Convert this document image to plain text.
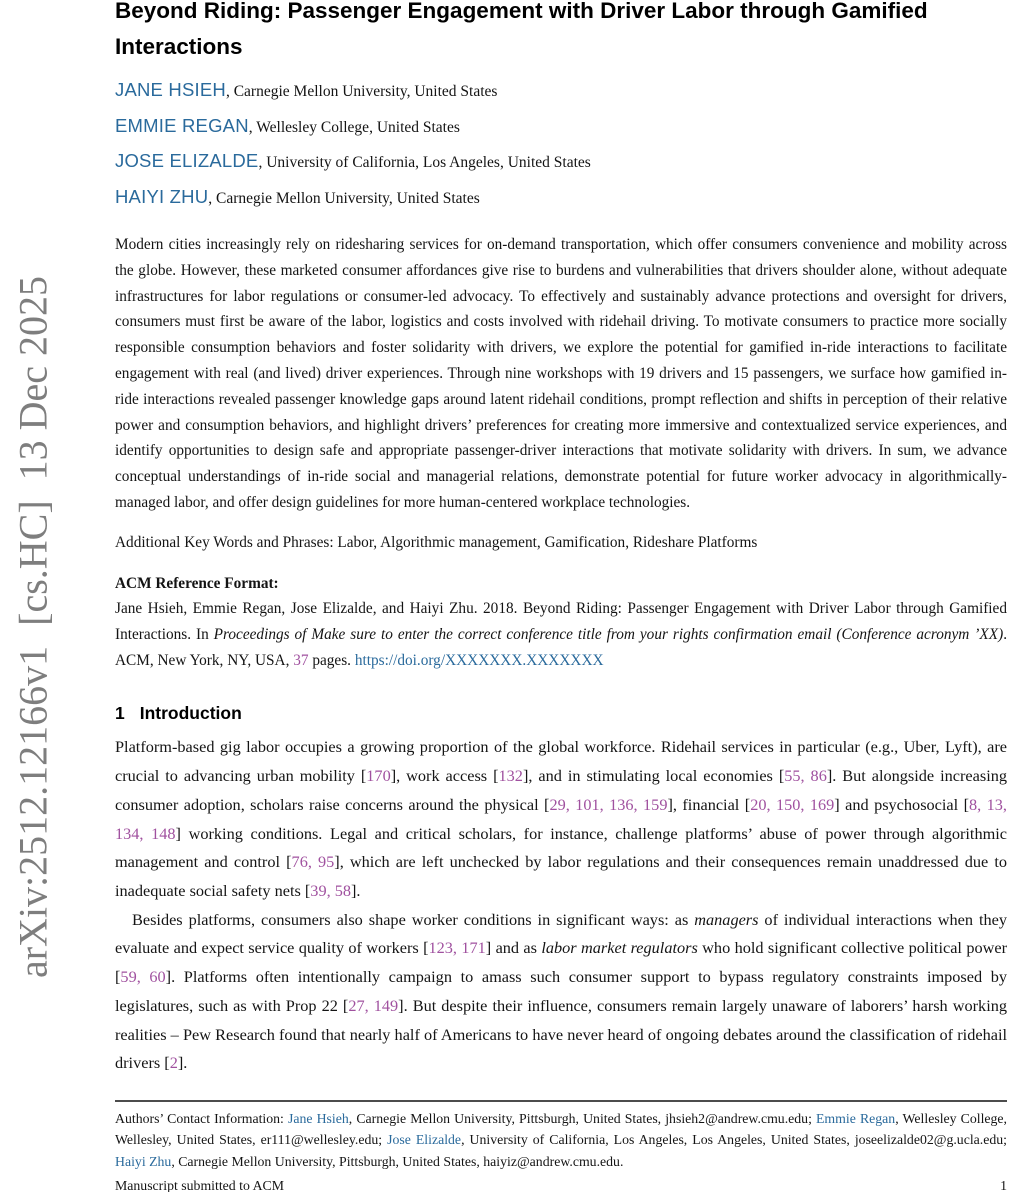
arXiv:2512.12166v1  [cs.HC]  13 Dec 2025
Beyond Riding: Passenger Engagement with Driver Labor through Gamified Interactions
JANE HSIEH, Carnegie Mellon University, United States
EMMIE REGAN, Wellesley College, United States
JOSE ELIZALDE, University of California, Los Angeles, United States
HAIYI ZHU, Carnegie Mellon University, United States

Modern cities increasingly rely on ridesharing services for on-demand transportation, which offer consumers convenience and mobility across the globe. However, these marketed consumer affordances give rise to burdens and vulnerabilities that drivers shoulder alone, without adequate infrastructures for labor regulations or consumer-led advocacy. To effectively and sustainably advance protections and oversight for drivers, consumers must first be aware of the labor, logistics and costs involved with ridehail driving. To motivate consumers to practice more socially responsible consumption behaviors and foster solidarity with drivers, we explore the potential for gamified in-ride interactions to facilitate engagement with real (and lived) driver experiences. Through nine workshops with 19 drivers and 15 passengers, we surface how gamified in-ride interactions revealed passenger knowledge gaps around latent ridehail conditions, prompt reflection and shifts in perception of their relative power and consumption behaviors, and highlight drivers’ preferences for creating more immersive and contextualized service experiences, and identify opportunities to design safe and appropriate passenger-driver interactions that motivate solidarity with drivers. In sum, we advance conceptual understandings of in-ride social and managerial relations, demonstrate potential for future worker advocacy in algorithmically-managed labor, and offer design guidelines for more human-centered workplace technologies.

Additional Key Words and Phrases: Labor, Algorithmic management, Gamification, Rideshare Platforms

ACM Reference Format:

Jane Hsieh, Emmie Regan, Jose Elizalde, and Haiyi Zhu. 2018. Beyond Riding: Passenger Engagement with Driver Labor through Gamified Interactions. In Proceedings of Make sure to enter the correct conference title from your rights confirmation email (Conference acronym ’XX). ACM, New York, NY, USA, 37 pages. https://doi.org/XXXXXXX.XXXXXXX

1 Introduction

Platform-based gig labor occupies a growing proportion of the global workforce. Ridehail services in particular (e.g., Uber, Lyft), are crucial to advancing urban mobility [170], work access [132], and in stimulating local economies [55, 86]. But alongside increasing consumer adoption, scholars raise concerns around the physical [29, 101, 136, 159], financial [20, 150, 169] and psychosocial [8, 13, 134, 148] working conditions. Legal and critical scholars, for instance, challenge platforms’ abuse of power through algorithmic management and control [76, 95], which are left unchecked by labor regulations and their consequences remain unaddressed due to inadequate social safety nets [39, 58].

Besides platforms, consumers also shape worker conditions in significant ways: as managers of individual interactions when they evaluate and expect service quality of workers [123, 171] and as labor market regulators who hold significant collective political power [59, 60]. Platforms often intentionally campaign to amass such consumer support to bypass regulatory constraints imposed by legislatures, such as with Prop 22 [27, 149]. But despite their influence, consumers remain largely unaware of laborers’ harsh working realities – Pew Research found that nearly half of Americans to have never heard of ongoing debates around the classification of ridehail drivers [2].

Authors’ Contact Information: Jane Hsieh, Carnegie Mellon University, Pittsburgh, United States, jhsieh2@andrew.cmu.edu; Emmie Regan, Wellesley College, Wellesley, United States, er111@wellesley.edu; Jose Elizalde, University of California, Los Angeles, Los Angeles, United States, joseelizalde02@g.ucla.edu; Haiyi Zhu, Carnegie Mellon University, Pittsburgh, United States, haiyiz@andrew.cmu.edu.

Manuscript submitted to ACM	1
